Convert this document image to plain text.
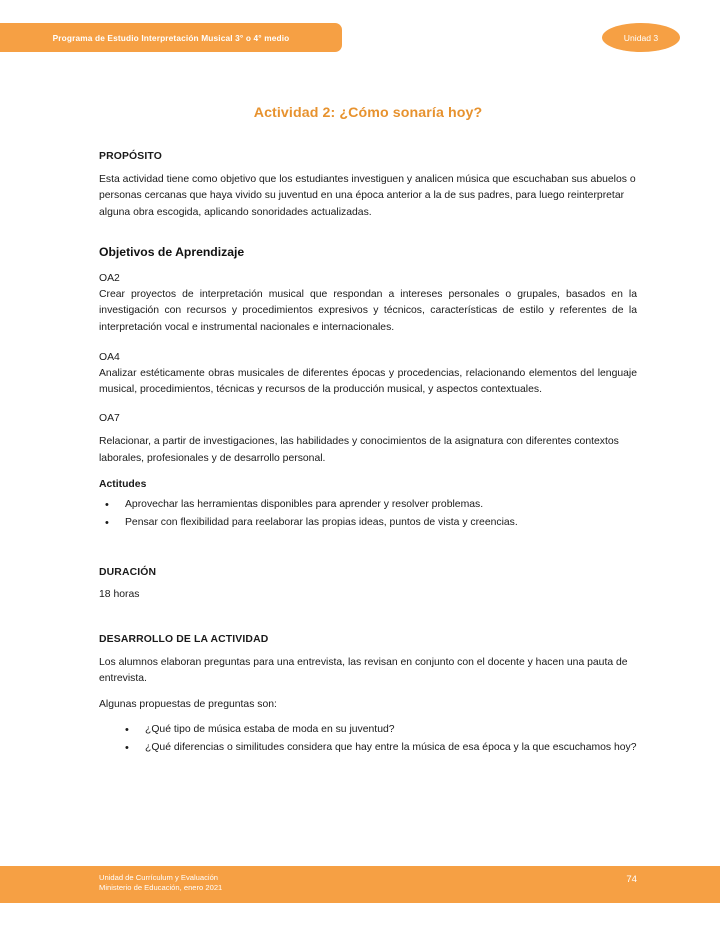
Programa de Estudio Interpretación Musical 3° o 4° medio	Unidad 3
Actividad 2: ¿Cómo sonaría hoy?
PROPÓSITO

Esta actividad tiene como objetivo que los estudiantes investiguen y analicen música que escuchaban sus abuelos o personas cercanas que haya vivido su juventud en una época anterior a la de sus padres, para luego reinterpretar alguna obra escogida, aplicando sonoridades actualizadas.

Objetivos de Aprendizaje

OA2

Crear proyectos de interpretación musical que respondan a intereses personales o grupales, basados en la investigación con recursos y procedimientos expresivos y técnicos, características de estilo y referentes de la interpretación vocal e instrumental nacionales e internacionales.

OA4

Analizar estéticamente obras musicales de diferentes épocas y procedencias, relacionando elementos del lenguaje musical, procedimientos, técnicas y recursos de la producción musical, y aspectos contextuales.

OA7

Relacionar, a partir de investigaciones, las habilidades y conocimientos de la asignatura con diferentes contextos laborales, profesionales y de desarrollo personal.

Actitudes
• Aprovechar las herramientas disponibles para aprender y resolver problemas.
• Pensar con flexibilidad para reelaborar las propias ideas, puntos de vista y creencias.
DURACIÓN

18 horas

DESARROLLO DE LA ACTIVIDAD

Los alumnos elaboran preguntas para una entrevista, las revisan en conjunto con el docente y hacen una pauta de entrevista.

Algunas propuestas de preguntas son:

• ¿Qué tipo de música estaba de moda en su juventud?
• ¿Qué diferencias o similitudes considera que hay entre la música de esa época y la que escuchamos hoy?
Unidad de Currículum y Evaluación
Ministerio de Educación, enero 2021
74
